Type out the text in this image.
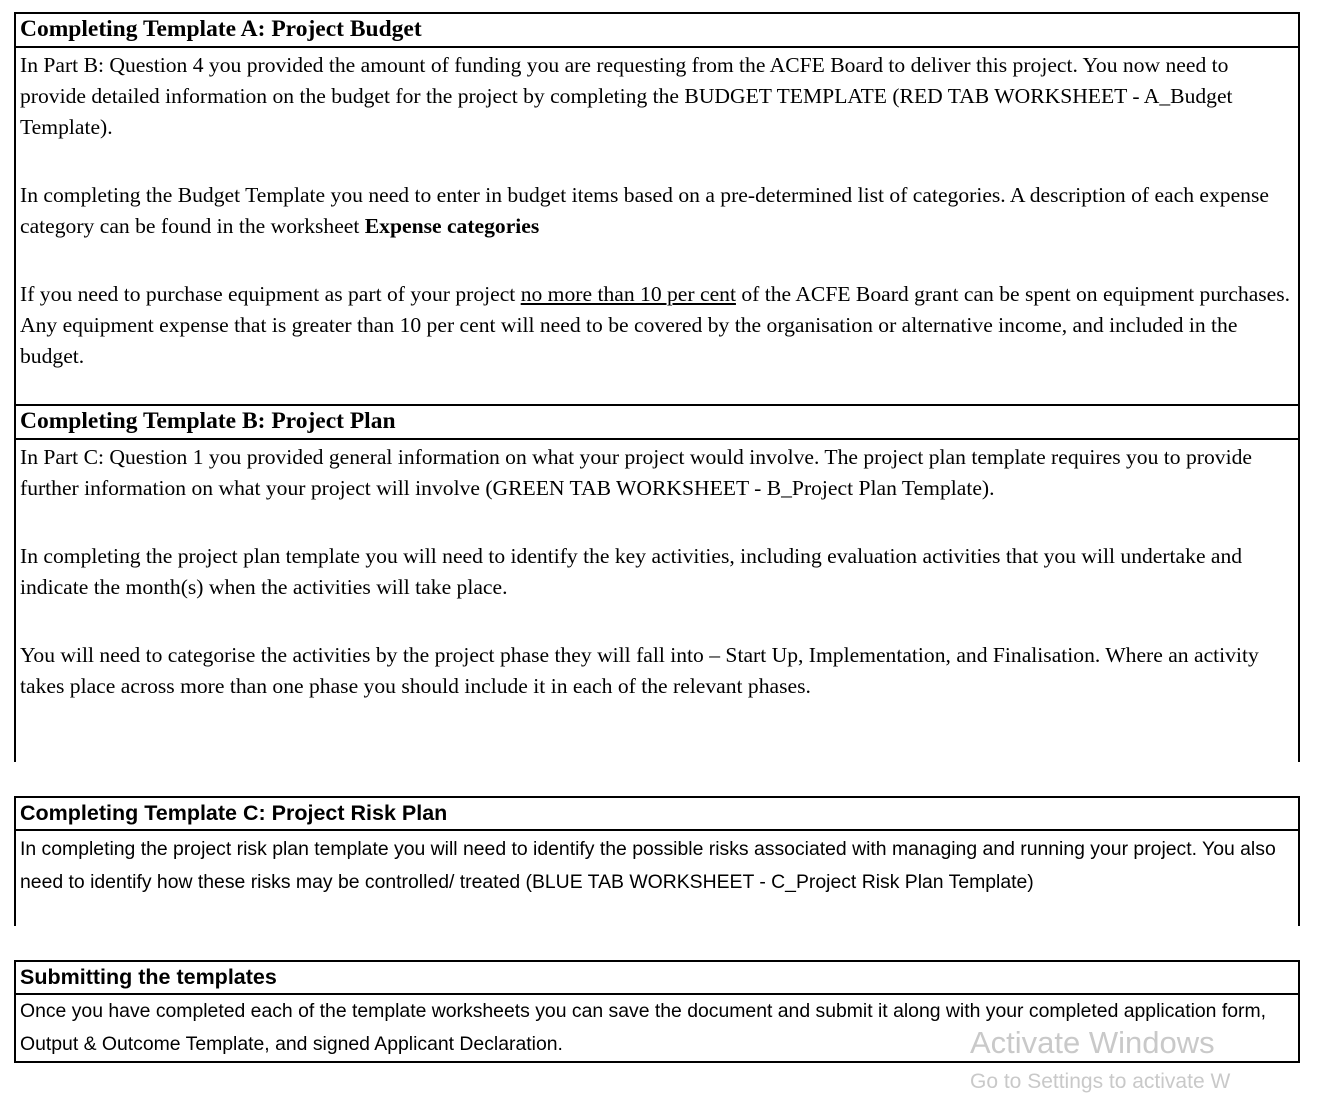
Completing Template A: Project Budget

In Part B: Question 4 you provided the amount of funding you are requesting from the ACFE Board to deliver this project. You now need to provide detailed information on the budget for the project by completing the BUDGET TEMPLATE (RED TAB WORKSHEET - A_Budget Template).

In completing the Budget Template you need to enter in budget items based on a pre-determined list of categories. A description of each expense category can be found in the worksheet Expense categories

If you need to purchase equipment as part of your project no more than 10 per cent of the ACFE Board grant can be spent on equipment purchases. Any equipment expense that is greater than 10 per cent will need to be covered by the organisation or alternative income, and included in the budget.

Completing Template B: Project Plan

In Part C: Question 1 you provided general information on what your project would involve. The project plan template requires you to provide further information on what your project will involve (GREEN TAB WORKSHEET - B_Project Plan Template).

In completing the project plan template you will need to identify the key activities, including evaluation activities that you will undertake and indicate the month(s) when the activities will take place.

You will need to categorise the activities by the project phase they will fall into – Start Up, Implementation, and Finalisation. Where an activity takes place across more than one phase you should include it in each of the relevant phases.

Completing Template C: Project Risk Plan

In completing the project risk plan template you will need to identify the possible risks associated with managing and running your project. You also need to identify how these risks may be controlled/ treated (BLUE TAB WORKSHEET - C_Project Risk Plan Template)

Submitting the templates

Once you have completed each of the template worksheets you can save the document and submit it along with your completed application form, Output & Outcome Template, and signed Applicant Declaration.	Activate Windows
Go to Settings to activate W
